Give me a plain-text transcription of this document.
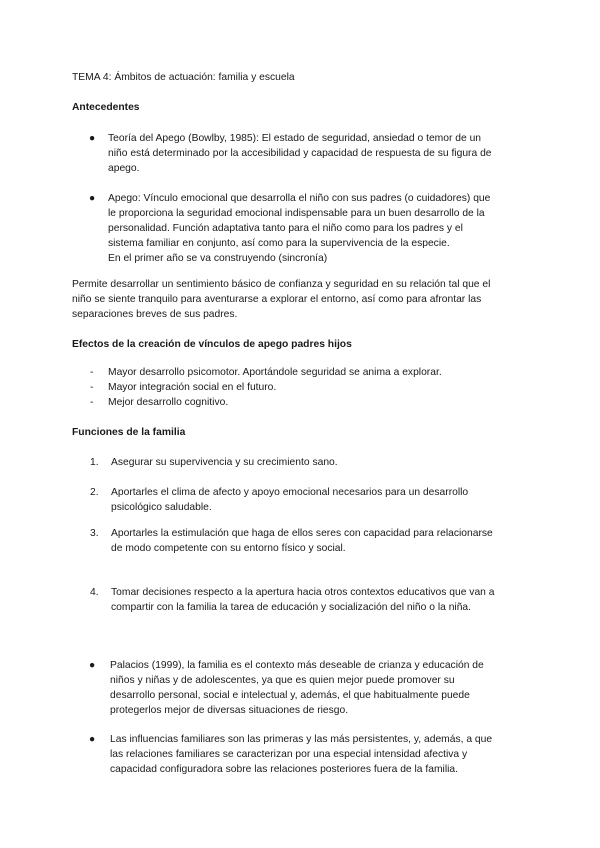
TEMA 4: Ámbitos de actuación: familia y escuela
Antecedentes
● Teoría del Apego (Bowlby, 1985): El estado de seguridad, ansiedad o temor de un
niño está determinado por la accesibilidad y capacidad de respuesta de su figura de
apego.
● Apego: Vínculo emocional que desarrolla el niño con sus padres (o cuidadores) que
le proporciona la seguridad emocional indispensable para un buen desarrollo de la
personalidad. Función adaptativa tanto para el niño como para los padres y el
sistema familiar en conjunto, así como para la supervivencia de la especie.
En el primer año se va construyendo (sincronía)
Permite desarrollar un sentimiento básico de confianza y seguridad en su relación tal que el
niño se siente tranquilo para aventurarse a explorar el entorno, así como para afrontar las
separaciones breves de sus padres.
Efectos de la creación de vínculos de apego padres hijos
- Mayor desarrollo psicomotor. Aportándole seguridad se anima a explorar.
- Mayor integración social en el futuro.
- Mejor desarrollo cognitivo.
Funciones de la familia
1. Asegurar su supervivencia y su crecimiento sano.
2. Aportarles el clima de afecto y apoyo emocional necesarios para un desarrollo
psicológico saludable.
3. Aportarles la estimulación que haga de ellos seres con capacidad para relacionarse
de modo competente con su entorno físico y social.
4. Tomar decisiones respecto a la apertura hacia otros contextos educativos que van a
compartir con la familia la tarea de educación y socialización del niño o la niña.
● Palacios (1999), la familia es el contexto más deseable de crianza y educación de
niños y niñas y de adolescentes, ya que es quien mejor puede promover su
desarrollo personal, social e intelectual y, además, el que habitualmente puede
protegerlos mejor de diversas situaciones de riesgo.
● Las influencias familiares son las primeras y las más persistentes, y, además, a que
las relaciones familiares se caracterizan por una especial intensidad afectiva y
capacidad configuradora sobre las relaciones posteriores fuera de la familia.
